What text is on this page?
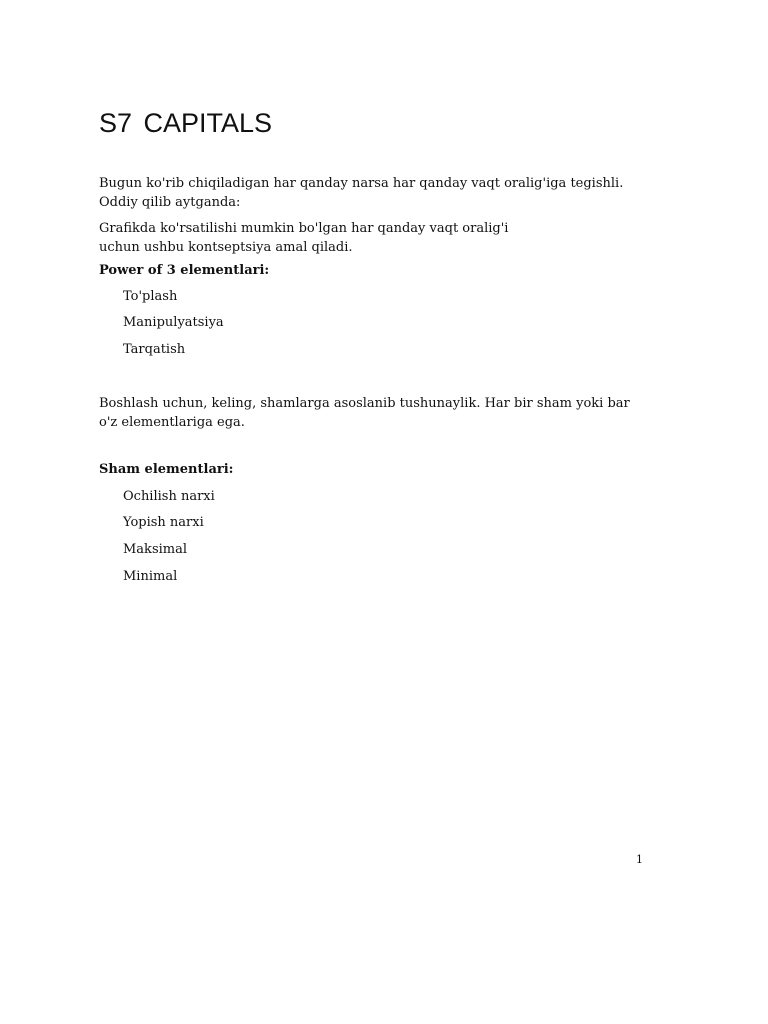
S7 CAPITALS

Bugun ko'rib chiqiladigan har qanday narsa har qanday vaqt oralig'iga tegishli.

Oddiy qilib aytganda:

Grafikda ko'rsatilishi mumkin bo'lgan har qanday vaqt oralig'i

uchun ushbu kontseptsiya amal qiladi.

Power of 3 elementlari:

To'plash

Manipulyatsiya

Tarqatish

Boshlash uchun, keling, shamlarga asoslanib tushunaylik. Har bir sham yoki bar

o'z elementlariga ega.

Sham elementlari:

Ochilish narxi

Yopish narxi

Maksimal

Minimal

1
